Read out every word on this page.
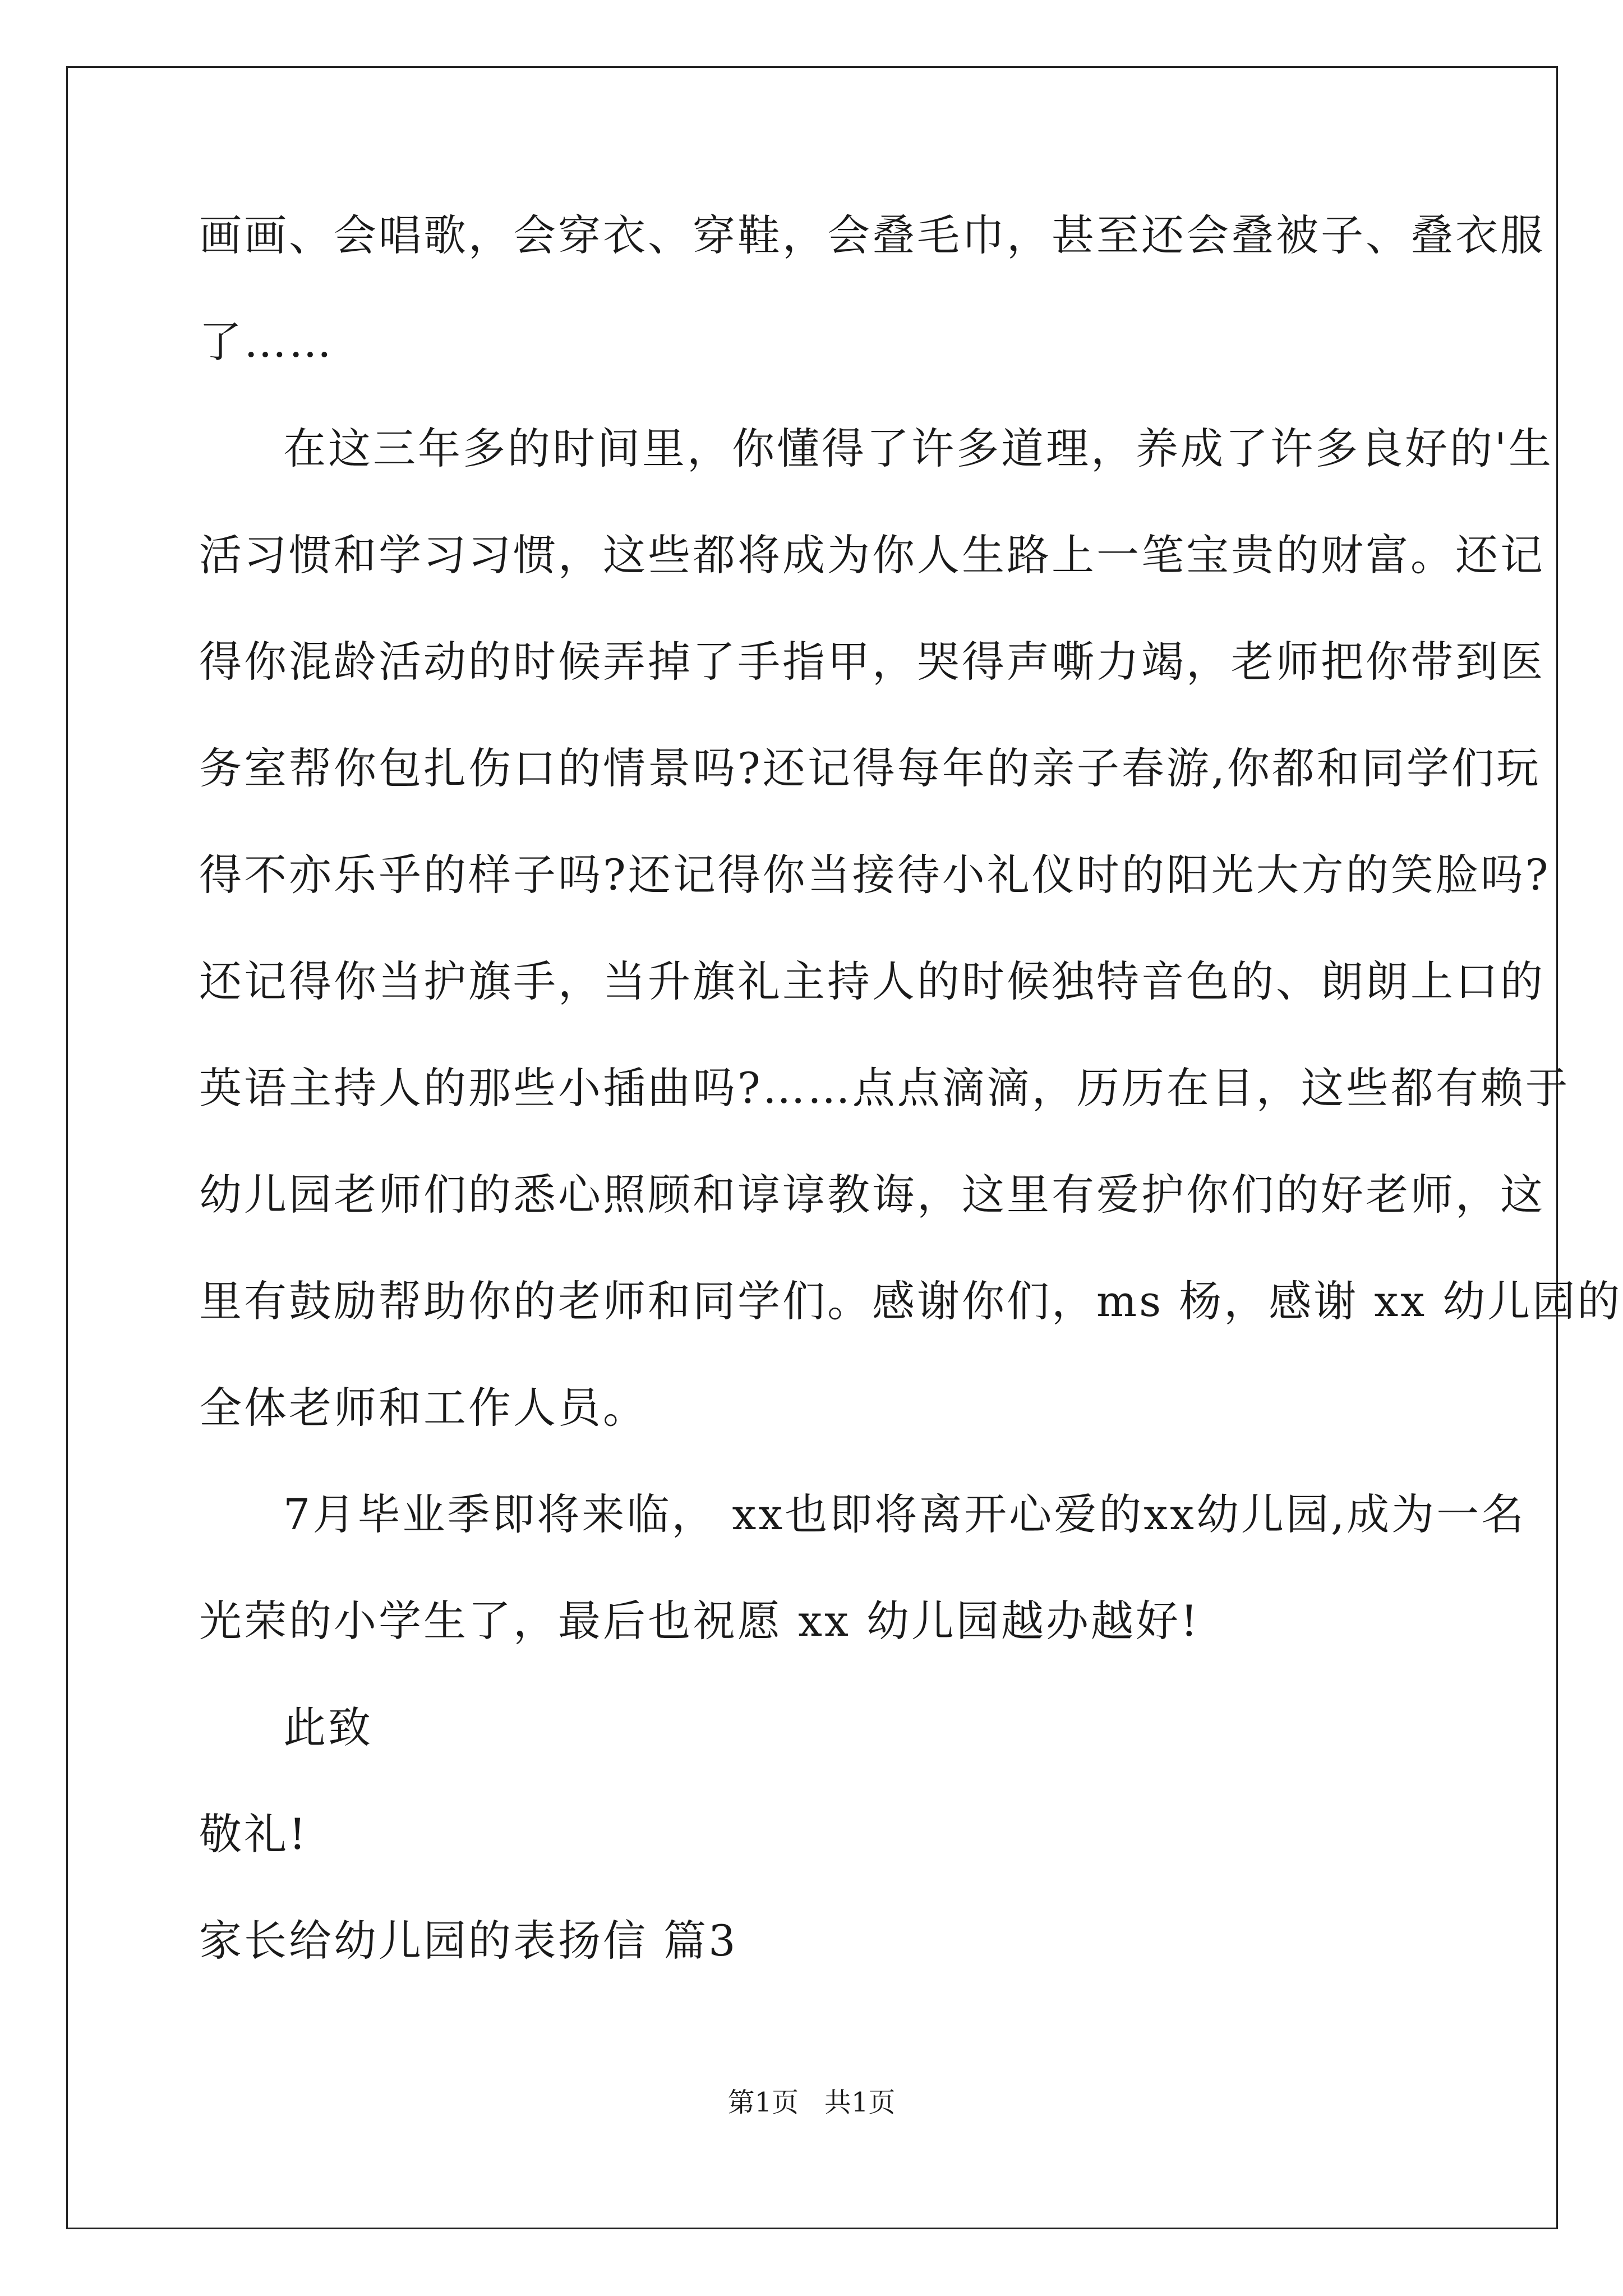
画画、会唱歌，会穿衣、穿鞋，会叠毛巾，甚至还会叠被子、叠衣服
了……
在这三年多的时间里，你懂得了许多道理，养成了许多良好的'生
活习惯和学习习惯，这些都将成为你人生路上一笔宝贵的财富。还记
得你混龄活动的时候弄掉了手指甲，哭得声嘶力竭，老师把你带到医
务室帮你包扎伤口的情景吗?还记得每年的亲子春游,你都和同学们玩
得不亦乐乎的样子吗?还记得你当接待小礼仪时的阳光大方的笑脸吗?
还记得你当护旗手，当升旗礼主持人的时候独特音色的、朗朗上口的
英语主持人的那些小插曲吗?……点点滴滴，历历在目，这些都有赖于
幼儿园老师们的悉心照顾和谆谆教诲，这里有爱护你们的好老师，这
里有鼓励帮助你的老师和同学们。感谢你们，ms 杨，感谢 xx 幼儿园的
全体老师和工作人员。
7月毕业季即将来临， xx也即将离开心爱的xx幼儿园,成为一名
光荣的小学生了，最后也祝愿 xx 幼儿园越办越好!
此致
敬礼!
家长给幼儿园的表扬信 篇3
第1页   共1页
